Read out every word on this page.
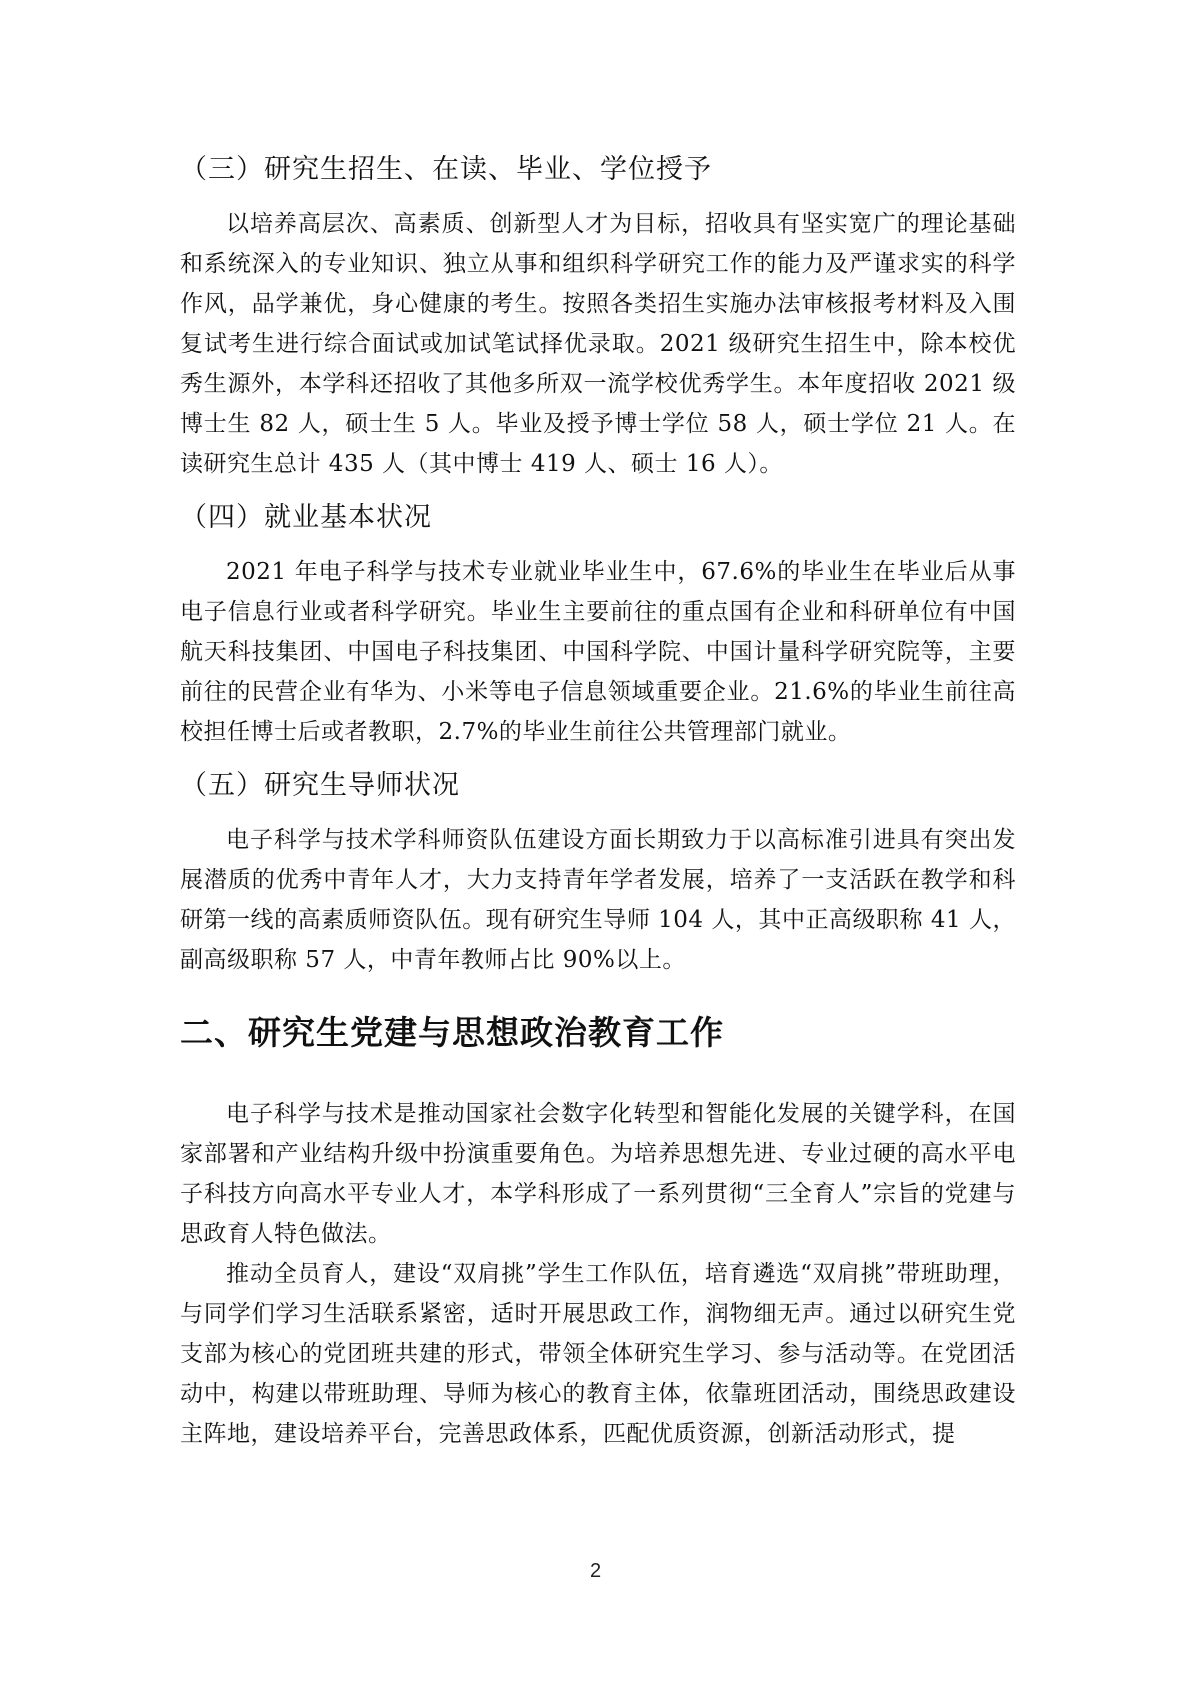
（三）研究生招生、在读、毕业、学位授予

以培养高层次、高素质、创新型人才为目标，招收具有坚实宽广的理论基础和系统深入的专业知识、独立从事和组织科学研究工作的能力及严谨求实的科学作风，品学兼优，身心健康的考生。按照各类招生实施办法审核报考材料及入围复试考生进行综合面试或加试笔试择优录取。2021 级研究生招生中，除本校优秀生源外，本学科还招收了其他多所双一流学校优秀学生。本年度招收 2021 级博士生 82 人，硕士生 5 人。毕业及授予博士学位 58 人，硕士学位 21 人。在读研究生总计 435 人（其中博士 419 人、硕士 16 人）。

（四）就业基本状况

2021 年电子科学与技术专业就业毕业生中，67.6%的毕业生在毕业后从事电子信息行业或者科学研究。毕业生主要前往的重点国有企业和科研单位有中国航天科技集团、中国电子科技集团、中国科学院、中国计量科学研究院等，主要前往的民营企业有华为、小米等电子信息领域重要企业。21.6%的毕业生前往高校担任博士后或者教职，2.7%的毕业生前往公共管理部门就业。

（五）研究生导师状况

电子科学与技术学科师资队伍建设方面长期致力于以高标准引进具有突出发展潜质的优秀中青年人才，大力支持青年学者发展，培养了一支活跃在教学和科研第一线的高素质师资队伍。现有研究生导师 104 人，其中正高级职称 41 人，副高级职称 57 人，中青年教师占比 90%以上。

二、研究生党建与思想政治教育工作

电子科学与技术是推动国家社会数字化转型和智能化发展的关键学科，在国家部署和产业结构升级中扮演重要角色。为培养思想先进、专业过硬的高水平电子科技方向高水平专业人才，本学科形成了一系列贯彻“三全育人”宗旨的党建与思政育人特色做法。

推动全员育人，建设“双肩挑”学生工作队伍，培育遴选“双肩挑”带班助理，与同学们学习生活联系紧密，适时开展思政工作，润物细无声。通过以研究生党支部为核心的党团班共建的形式，带领全体研究生学习、参与活动等。在党团活动中，构建以带班助理、导师为核心的教育主体，依靠班团活动，围绕思政建设主阵地，建设培养平台，完善思政体系，匹配优质资源，创新活动形式，提

2
